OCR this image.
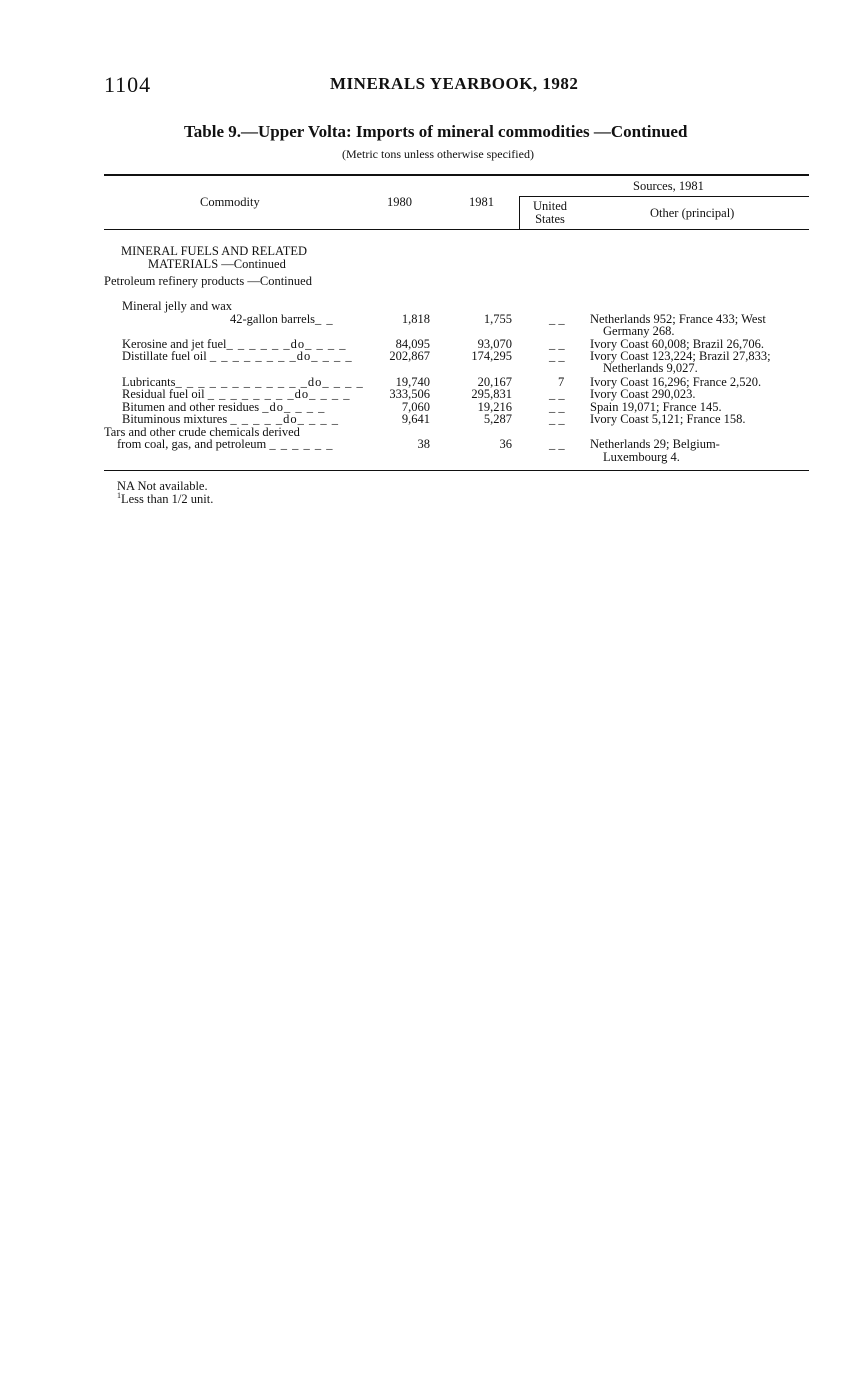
1104	MINERALS YEARBOOK, 1982
Table 9.—Upper Volta: Imports of mineral commodities —Continued
(Metric tons unless otherwise specified)
Commodity	1980	1981
Sources, 1981
United
States	Other (principal)
MINERAL FUELS AND RELATED
MATERIALS —Continued
Petroleum refinery products —Continued
Mineral jelly and wax
42-gallon barrels_ _	1,818	1,755	_ _ Netherlands 952; France 433; West
Germany 268.
Kerosine and jet fuel_ _ _ _ _ _do_ _ _ _	84,095	93,070	_ _ Ivory Coast 60,008; Brazil 26,706.
Distillate fuel oil _ _ _ _ _ _ _ _do_ _ _ _	202,867	174,295	_ _ Ivory Coast 123,224; Brazil 27,833;
Netherlands 9,027.
Lubricants_ _ _ _ _ _ _ _ _ _ _ _do_ _ _ _	19,740	20,167	7 Ivory Coast 16,296; France 2,520.
Residual fuel oil _ _ _ _ _ _ _ _do_ _ _ _	333,506	295,831	_ _ Ivory Coast 290,023.
Bitumen and other residues _do_ _ _ _	7,060	19,216	_ _ Spain 19,071; France 145.
Bituminous mixtures _ _ _ _ _do_ _ _ _	9,641	5,287	_ _ Ivory Coast 5,121; France 158.
Tars and other crude chemicals derived
from coal, gas, and petroleum _ _ _ _ _ _	38	36	_ _ Netherlands 29; Belgium-
Luxembourg 4.
NA Not available.
$^1$Less than 1/2 unit.
